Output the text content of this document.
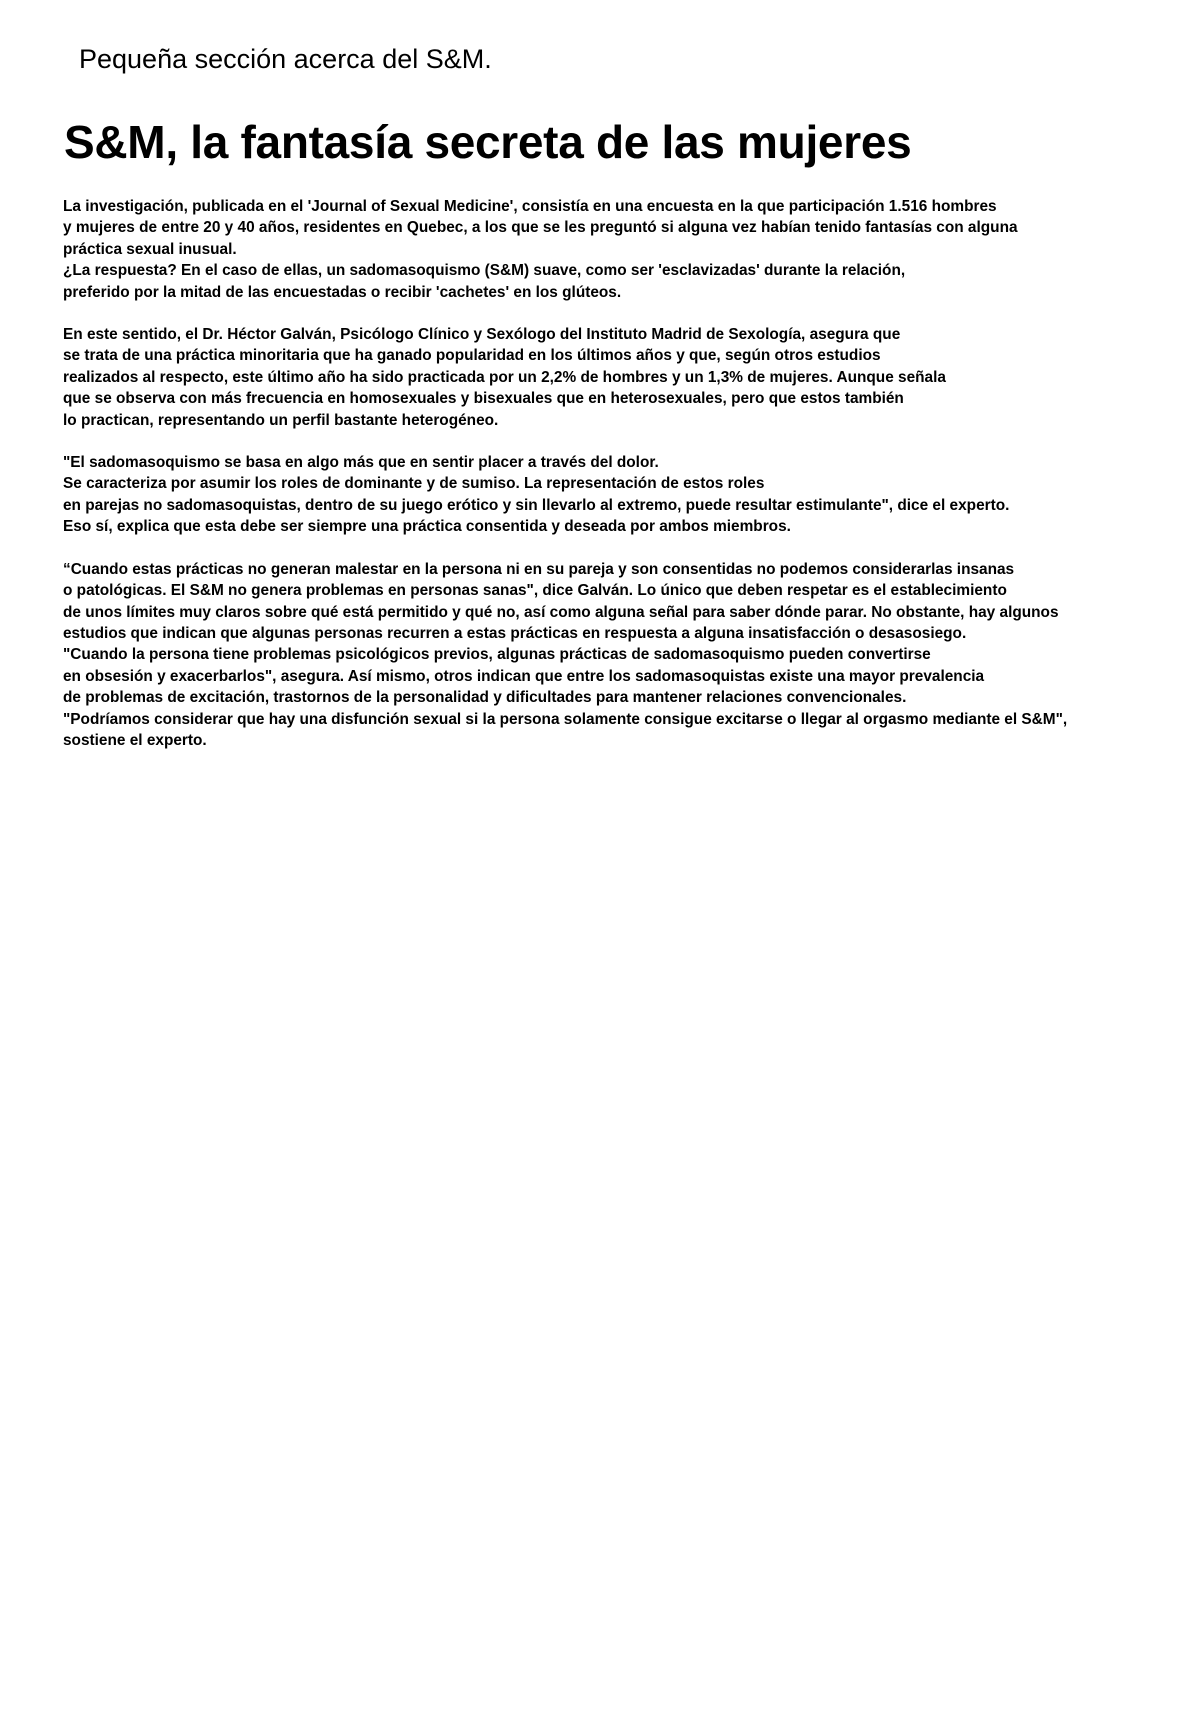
Pequeña sección acerca del S&M.

S&M, la fantasía secreta de las mujeres

La investigación, publicada en el 'Journal of Sexual Medicine', consistía en una encuesta en la que participación 1.516 hombres
y mujeres de entre 20 y 40 años, residentes en Quebec, a los que se les preguntó si alguna vez habían tenido fantasías con alguna
práctica sexual inusual.
¿La respuesta? En el caso de ellas, un sadomasoquismo (S&M) suave, como ser 'esclavizadas' durante la relación,
preferido por la mitad de las encuestadas o recibir 'cachetes' en los glúteos.

En este sentido, el Dr. Héctor Galván, Psicólogo Clínico y Sexólogo del Instituto Madrid de Sexología, asegura que
se trata de una práctica minoritaria que ha ganado popularidad en los últimos años y que, según otros estudios
realizados al respecto, este último año ha sido practicada por un 2,2% de hombres y un 1,3% de mujeres. Aunque señala
que se observa con más frecuencia en homosexuales y bisexuales que en heterosexuales, pero que estos también
lo practican, representando un perfil bastante heterogéneo.

"El sadomasoquismo se basa en algo más que en sentir placer a través del dolor.
Se caracteriza por asumir los roles de dominante y de sumiso. La representación de estos roles
en parejas no sadomasoquistas, dentro de su juego erótico y sin llevarlo al extremo, puede resultar estimulante", dice el experto.
Eso sí, explica que esta debe ser siempre una práctica consentida y deseada por ambos miembros.

“Cuando estas prácticas no generan malestar en la persona ni en su pareja y son consentidas no podemos considerarlas insanas
o patológicas. El S&M no genera problemas en personas sanas", dice Galván. Lo único que deben respetar es el establecimiento
de unos límites muy claros sobre qué está permitido y qué no, así como alguna señal para saber dónde parar. No obstante, hay algunos
estudios que indican que algunas personas recurren a estas prácticas en respuesta a alguna insatisfacción o desasosiego.
"Cuando la persona tiene problemas psicológicos previos, algunas prácticas de sadomasoquismo pueden convertirse
en obsesión y exacerbarlos", asegura. Así mismo, otros indican que entre los sadomasoquistas existe una mayor prevalencia
de problemas de excitación, trastornos de la personalidad y dificultades para mantener relaciones convencionales.
"Podríamos considerar que hay una disfunción sexual si la persona solamente consigue excitarse o llegar al orgasmo mediante el S&M",
sostiene el experto.
